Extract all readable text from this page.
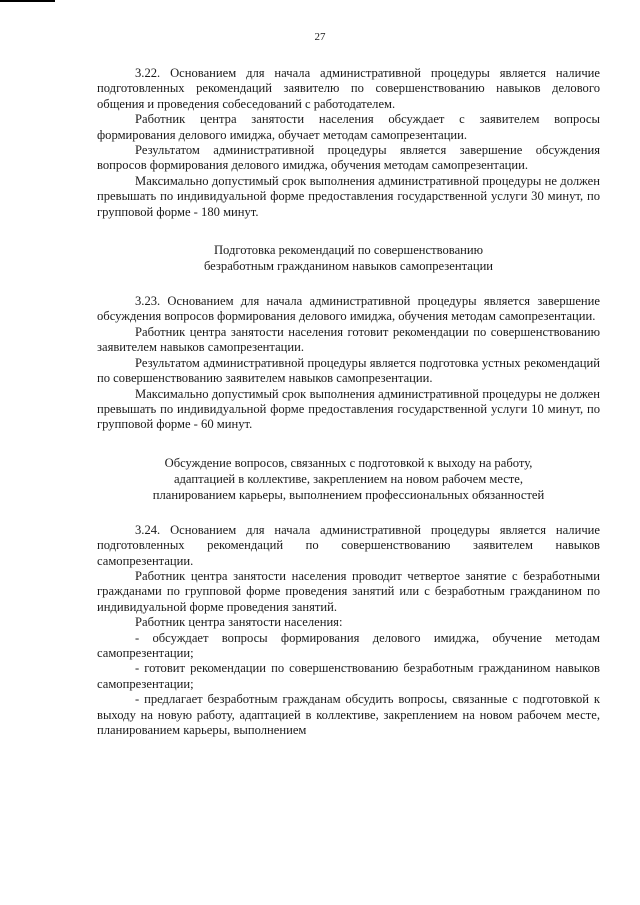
27

3.22. Основанием для начала административной процедуры является наличие подготовленных рекомендаций заявителю по совершенствованию навыков делового общения и проведения собеседований с работодателем.

Работник центра занятости населения обсуждает с заявителем вопросы формирования делового имиджа, обучает методам самопрезентации.

Результатом административной процедуры является завершение обсуждения вопросов формирования делового имиджа, обучения методам самопрезентации.

Максимально допустимый срок выполнения административной процедуры не должен превышать по индивидуальной форме предоставления государственной услуги 30 минут, по групповой форме - 180 минут.

Подготовка рекомендаций по совершенствованию
безработным гражданином навыков самопрезентации

3.23. Основанием для начала административной процедуры является завершение обсуждения вопросов формирования делового имиджа, обучения методам самопрезентации.

Работник центра занятости населения готовит рекомендации по совершенствованию заявителем навыков самопрезентации.

Результатом административной процедуры является подготовка устных рекомендаций по совершенствованию заявителем навыков самопрезентации.

Максимально допустимый срок выполнения административной процедуры не должен превышать по индивидуальной форме предоставления государственной услуги 10 минут, по групповой форме - 60 минут.

Обсуждение вопросов, связанных с подготовкой к выходу на работу,
адаптацией в коллективе, закреплением на новом рабочем месте,
планированием карьеры, выполнением профессиональных обязанностей

3.24. Основанием для начала административной процедуры является наличие подготовленных рекомендаций по совершенствованию заявителем навыков самопрезентации.

Работник центра занятости населения проводит четвертое занятие с безработными гражданами по групповой форме проведения занятий или с безработным гражданином по индивидуальной форме проведения занятий.

Работник центра занятости населения:

- обсуждает вопросы формирования делового имиджа, обучение методам самопрезентации;

- готовит рекомендации по совершенствованию безработным гражданином навыков самопрезентации;

- предлагает безработным гражданам обсудить вопросы, связанные с подготовкой к выходу на новую работу, адаптацией в коллективе, закреплением на новом рабочем месте, планированием карьеры, выполнением
